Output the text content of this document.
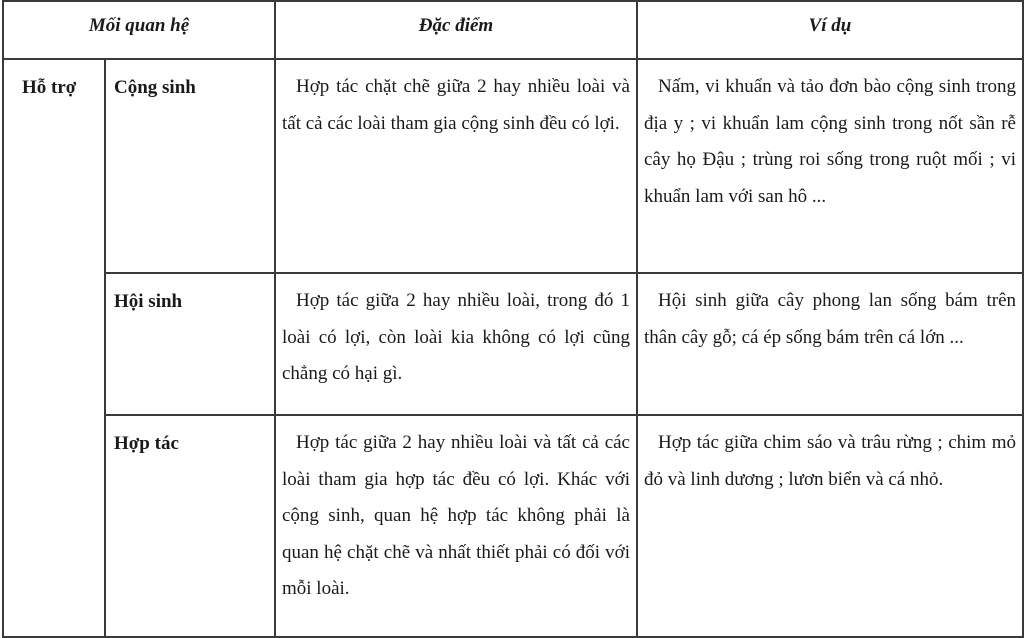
Mối quan hệ		Đặc điểm	Ví dụ
Hỗ trợ	Cộng sinh	Hợp tác chặt chẽ giữa 2 hay nhiều loài và tất cả các loài tham gia cộng sinh đều có lợi.	Nấm, vi khuẩn và tảo đơn bào cộng sinh trong địa y ; vi khuẩn lam cộng sinh trong nốt sần rễ cây họ Đậu ; trùng roi sống trong ruột mối ; vi khuẩn lam với san hô ...
	Hội sinh	Hợp tác giữa 2 hay nhiều loài, trong đó 1 loài có lợi, còn loài kia không có lợi cũng chẳng có hại gì.	Hội sinh giữa cây phong lan sống bám trên thân cây gỗ; cá ép sống bám trên cá lớn ...
	Hợp tác	Hợp tác giữa 2 hay nhiều loài và tất cả các loài tham gia hợp tác đều có lợi. Khác với cộng sinh, quan hệ hợp tác không phải là quan hệ chặt chẽ và nhất thiết phải có đối với mỗi loài.	Hợp tác giữa chim sáo và trâu rừng ; chim mỏ đỏ và linh dương ; lươn biển và cá nhỏ.
